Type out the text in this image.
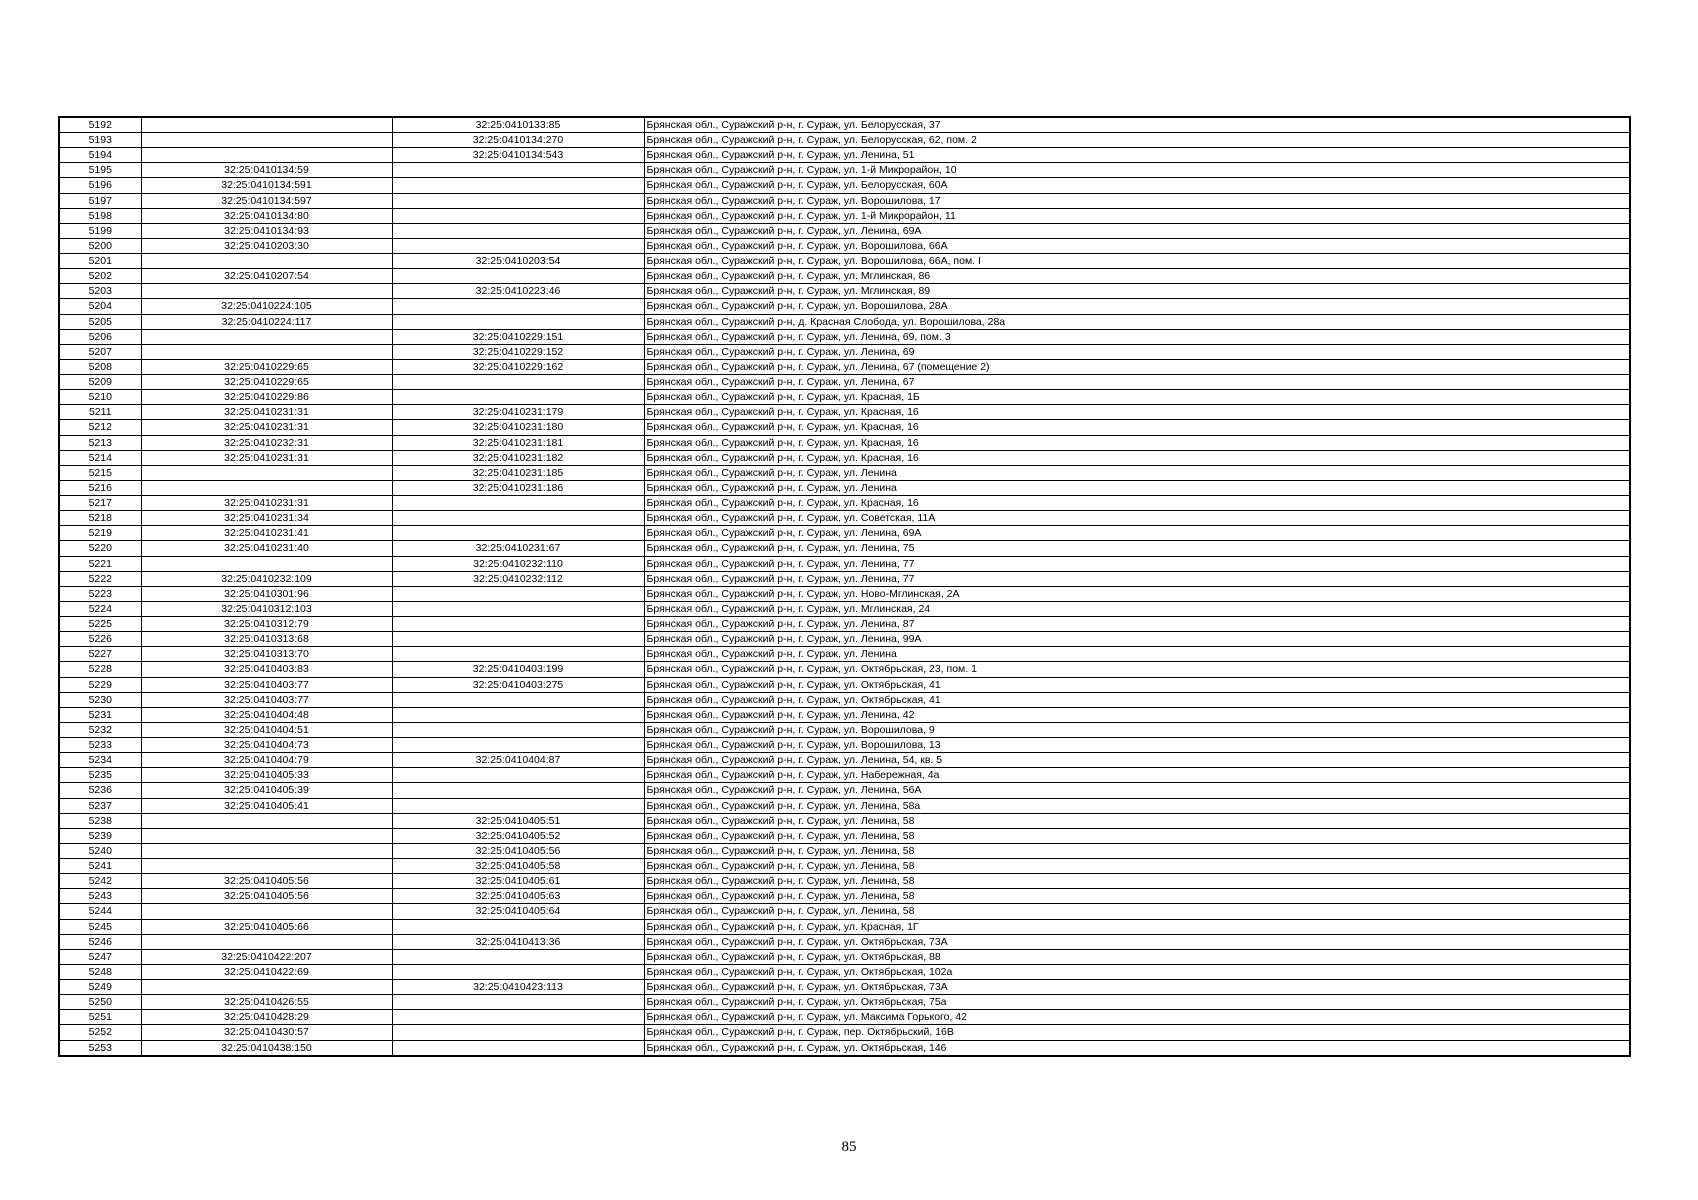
5192		32:25:0410133:85	Брянская обл., Суражский р-н, г. Сураж, ул. Белорусская, 37
5193		32:25:0410134:270	Брянская обл., Суражский р-н, г. Сураж, ул. Белорусская, 62, пом. 2
5194		32:25:0410134:543	Брянская обл., Суражский р-н, г. Сураж, ул. Ленина, 51
5195	32:25:0410134:59		Брянская обл., Суражский р-н, г. Сураж, ул. 1-й Микрорайон, 10
5196	32:25:0410134:591		Брянская обл., Суражский р-н, г. Сураж, ул. Белорусская, 60А
5197	32:25:0410134:597		Брянская обл., Суражский р-н, г. Сураж, ул. Ворошилова, 17
5198	32:25:0410134:80		Брянская обл., Суражский р-н, г. Сураж, ул. 1-й Микрорайон, 11
5199	32:25:0410134:93		Брянская обл., Суражский р-н, г. Сураж, ул. Ленина, 69А
5200	32:25:0410203:30		Брянская обл., Суражский р-н, г. Сураж, ул. Ворошилова, 66А
5201		32:25:0410203:54	Брянская обл., Суражский р-н, г. Сураж, ул. Ворошилова, 66А, пом. I
5202	32:25:0410207:54		Брянская обл., Суражский р-н, г. Сураж, ул. Мглинская, 86
5203		32:25:0410223:46	Брянская обл., Суражский р-н, г. Сураж, ул. Мглинская, 89
5204	32:25:0410224:105		Брянская обл., Суражский р-н, г. Сураж, ул. Ворошилова, 28А
5205	32:25:0410224:117		Брянская обл., Суражский р-н, д. Красная Слобода, ул. Ворошилова, 28а
5206		32:25:0410229:151	Брянская обл., Суражский р-н, г. Сураж, ул. Ленина, 69, пом. 3
5207		32:25:0410229:152	Брянская обл., Суражский р-н, г. Сураж, ул. Ленина, 69
5208	32:25:0410229:65	32:25:0410229:162	Брянская обл., Суражский р-н, г. Сураж, ул. Ленина, 67 (помещение 2)
5209	32:25:0410229:65		Брянская обл., Суражский р-н, г. Сураж, ул. Ленина, 67
5210	32:25:0410229:86		Брянская обл., Суражский р-н, г. Сураж, ул. Красная, 1Б
5211	32:25:0410231:31	32:25:0410231:179	Брянская обл., Суражский р-н, г. Сураж, ул. Красная, 16
5212	32:25:0410231:31	32:25:0410231:180	Брянская обл., Суражский р-н, г. Сураж, ул. Красная, 16
5213	32:25:0410232:31	32:25:0410231:181	Брянская обл., Суражский р-н, г. Сураж, ул. Красная, 16
5214	32:25:0410231:31	32:25:0410231:182	Брянская обл., Суражский р-н, г. Сураж, ул. Красная, 16
5215		32:25:0410231:185	Брянская обл., Суражский р-н, г. Сураж, ул. Ленина
5216		32:25:0410231:186	Брянская обл., Суражский р-н, г. Сураж, ул. Ленина
5217	32:25:0410231:31		Брянская обл., Суражский р-н, г. Сураж, ул. Красная, 16
5218	32:25:0410231:34		Брянская обл., Суражский р-н, г. Сураж, ул. Советская, 11А
5219	32:25:0410231:41		Брянская обл., Суражский р-н, г. Сураж, ул. Ленина, 69А
5220	32:25:0410231:40	32:25:0410231:67	Брянская обл., Суражский р-н, г. Сураж, ул. Ленина, 75
5221		32:25:0410232:110	Брянская обл., Суражский р-н, г. Сураж, ул. Ленина, 77
5222	32:25:0410232:109	32:25:0410232:112	Брянская обл., Суражский р-н, г. Сураж, ул. Ленина, 77
5223	32:25:0410301:96		Брянская обл., Суражский р-н, г. Сураж, ул. Ново-Мглинская, 2А
5224	32:25:0410312:103		Брянская обл., Суражский р-н, г. Сураж, ул. Мглинская, 24
5225	32:25:0410312:79		Брянская обл., Суражский р-н, г. Сураж, ул. Ленина, 87
5226	32:25:0410313:68		Брянская обл., Суражский р-н, г. Сураж, ул. Ленина, 99А
5227	32:25:0410313:70		Брянская обл., Суражский р-н, г. Сураж, ул. Ленина
5228	32:25:0410403:83	32:25:0410403:199	Брянская обл., Суражский р-н, г. Сураж, ул. Октябрьская, 23, пом. 1
5229	32:25:0410403:77	32:25:0410403:275	Брянская обл., Суражский р-н, г. Сураж, ул. Октябрьская, 41
5230	32:25:0410403:77		Брянская обл., Суражский р-н, г. Сураж, ул. Октябрьская, 41
5231	32:25:0410404:48		Брянская обл., Суражский р-н, г. Сураж, ул. Ленина, 42
5232	32:25:0410404:51		Брянская обл., Суражский р-н, г. Сураж, ул. Ворошилова, 9
5233	32:25:0410404:73		Брянская обл., Суражский р-н, г. Сураж, ул. Ворошилова, 13
5234	32:25:0410404:79	32:25:0410404:87	Брянская обл., Суражский р-н, г. Сураж, ул. Ленина, 54, кв. 5
5235	32:25:0410405:33		Брянская обл., Суражский р-н, г. Сураж, ул. Набережная, 4а
5236	32:25:0410405:39		Брянская обл., Суражский р-н, г. Сураж, ул. Ленина, 56А
5237	32:25:0410405:41		Брянская обл., Суражский р-н, г. Сураж, ул. Ленина, 58а
5238		32:25:0410405:51	Брянская обл., Суражский р-н, г. Сураж, ул. Ленина, 58
5239		32:25:0410405:52	Брянская обл., Суражский р-н, г. Сураж, ул. Ленина, 58
5240		32:25:0410405:56	Брянская обл., Суражский р-н, г. Сураж, ул. Ленина, 58
5241		32:25:0410405:58	Брянская обл., Суражский р-н, г. Сураж, ул. Ленина, 58
5242	32:25:0410405:56	32:25:0410405:61	Брянская обл., Суражский р-н, г. Сураж, ул. Ленина, 58
5243	32:25:0410405:56	32:25:0410405:63	Брянская обл., Суражский р-н, г. Сураж, ул. Ленина, 58
5244		32:25:0410405:64	Брянская обл., Суражский р-н, г. Сураж, ул. Ленина, 58
5245	32:25:0410405:66		Брянская обл., Суражский р-н, г. Сураж, ул. Красная, 1Г
5246		32:25:0410413:36	Брянская обл., Суражский р-н, г. Сураж, ул. Октябрьская, 73А
5247	32:25:0410422:207		Брянская обл., Суражский р-н, г. Сураж, ул. Октябрьская, 88
5248	32:25:0410422:69		Брянская обл., Суражский р-н, г. Сураж, ул. Октябрьская, 102а
5249		32:25:0410423:113	Брянская обл., Суражский р-н, г. Сураж, ул. Октябрьская, 73А
5250	32:25:0410426:55		Брянская обл., Суражский р-н, г. Сураж, ул. Октябрьская, 75а
5251	32:25:0410428:29		Брянская обл., Суражский р-н, г. Сураж, ул. Максима Горького, 42
5252	32:25:0410430:57		Брянская обл., Суражский р-н, г. Сураж, пер. Октябрьский, 16В
5253	32:25:0410438:150		Брянская обл., Суражский р-н, г. Сураж, ул. Октябрьская, 146
85
